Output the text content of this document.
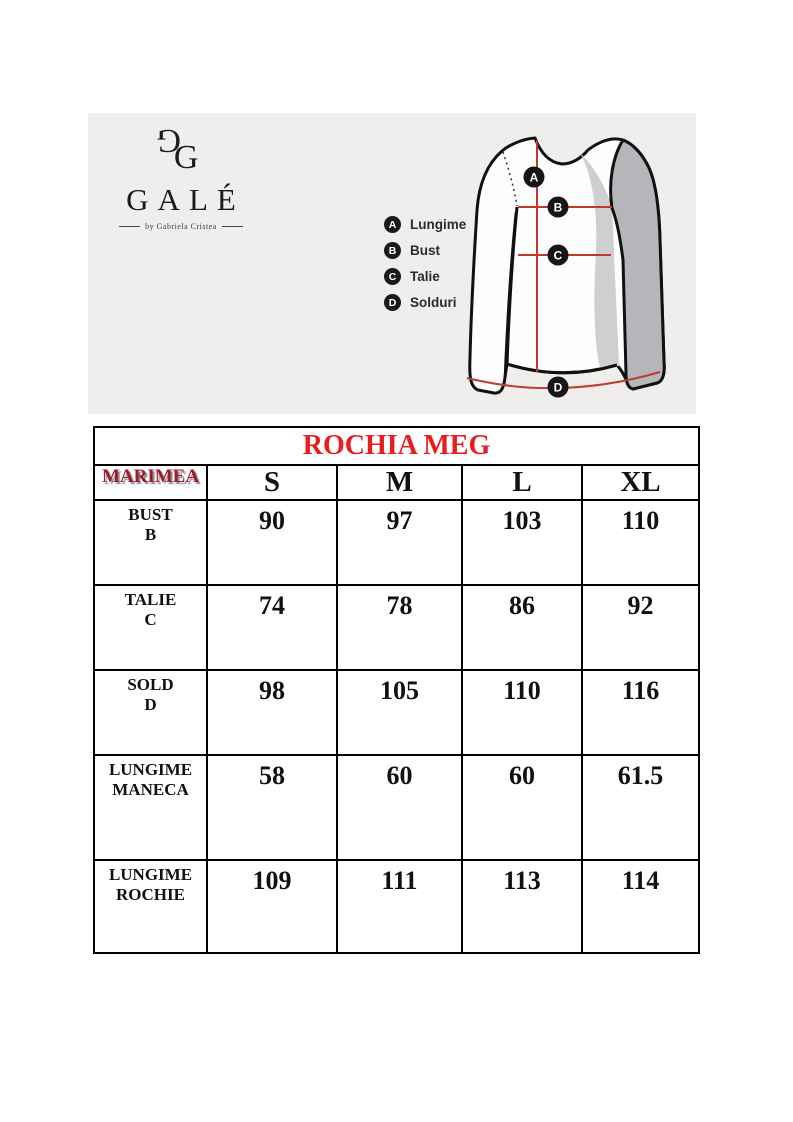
G
G
GALÉ
by Gabriela Cristea	A	Lungime
B	Bust
C	Talie
D	Solduri
A
B
C
D
ROCHIA MEG				
MARIMEA	S	M	L	XL

BUST
B	90	97	103	110

TALIE
C	74	78	86	92

SOLD
D	98	105	110	116

LUNGIME
MANECA	58	60	60	61.5

LUNGIME
ROCHIE	109	111	113	114
